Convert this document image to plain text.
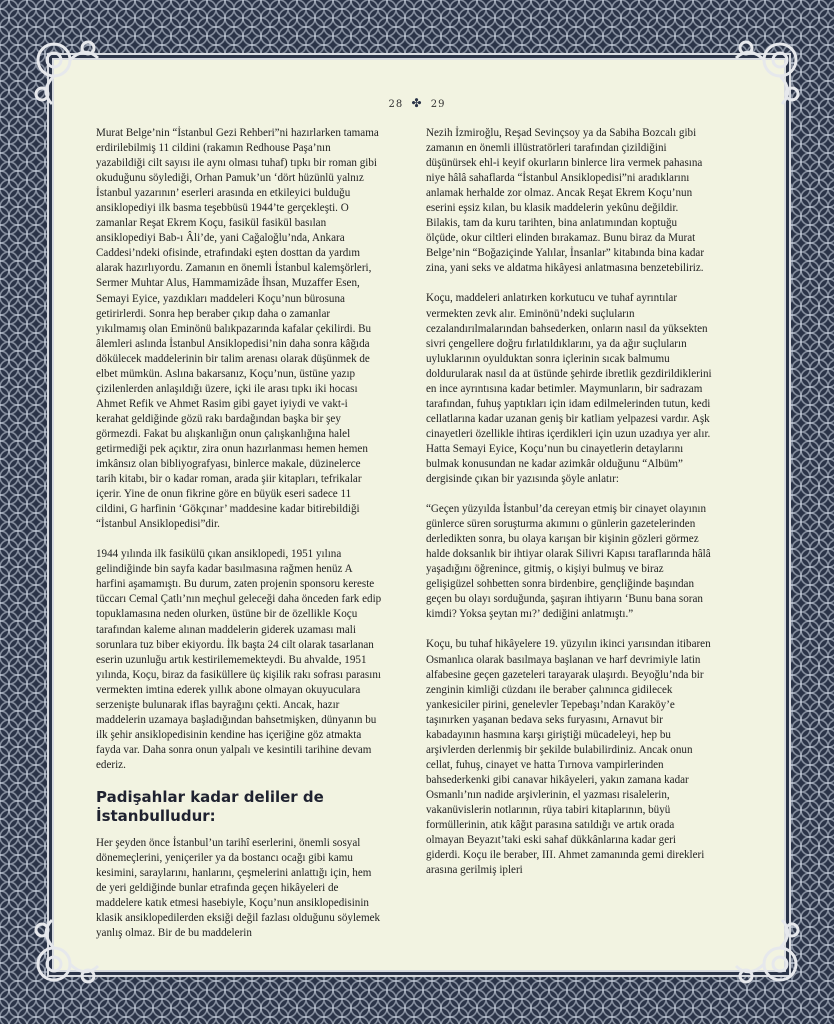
28 ✤ 29

Murat Belge’nin “İstanbul Gezi Rehberi”ni hazırlarken tamama erdirilebilmiş 11 cildini (rakamın Redhouse Paşa’nın yazabildiği cilt sayısı ile aynı olması tuhaf) tıpkı bir roman gibi okuduğunu söylediği, Orhan Pamuk’un ‘dört hüzünlü yalnız İstanbul yazarının’ eserleri arasında en etkileyici bulduğu ansiklopediyi ilk basma teşebbüsü 1944’te gerçekleşti. O zamanlar Reşat Ekrem Koçu, fasikül fasikül basılan ansiklopediyi Bab-ı Âli’de, yani Cağaloğlu’nda, Ankara Caddesi’ndeki ofisinde, etrafındaki eşten dosttan da yardım alarak hazırlıyordu. Zamanın en önemli İstanbul kalemşörleri, Sermer Muhtar Alus, Hammamizâde İhsan, Muzaffer Esen, Semayi Eyice, yazdıkları maddeleri Koçu’nun bürosuna getirirlerdi. Sonra hep beraber çıkıp daha o zamanlar yıkılmamış olan Eminönü balıkpazarında kafalar çekilirdi. Bu âlemleri aslında İstanbul Ansiklopedisi’nin daha sonra kâğıda dökülecek maddelerinin bir talim arenası olarak düşünmek de elbet mümkün. Aslına bakarsanız, Koçu’nun, üstüne yazıp çizilenlerden anlaşıldığı üzere, içki ile arası tıpkı iki hocası Ahmet Refik ve Ahmet Rasim gibi gayet iyiydi ve vakt-i kerahat geldiğinde gözü rakı bardağından başka bir şey görmezdi. Fakat bu alışkanlığın onun çalışkanlığına halel getirmediği pek açıktır, zira onun hazırlanması hemen hemen imkânsız olan bibliyografyası, binlerce makale, düzinelerce tarih kitabı, bir o kadar roman, arada şiir kitapları, tefrikalar içerir. Yine de onun fikrine göre en büyük eseri sadece 11 cildini, G harfinin ‘Gökçınar’ maddesine kadar bitirebildiği “İstanbul Ansiklopedisi”dir.

1944 yılında ilk fasikülü çıkan ansiklopedi, 1951 yılına gelindiğinde bin sayfa kadar basılmasına rağmen henüz A harfini aşamamıştı. Bu durum, zaten projenin sponsoru kereste tüccarı Cemal Çatlı’nın meçhul geleceği daha önceden fark edip topuklamasına neden olurken, üstüne bir de özellikle Koçu tarafından kaleme alınan maddelerin giderek uzaması mali sorunlara tuz biber ekiyordu. İlk başta 24 cilt olarak tasarlanan eserin uzunluğu artık kestirilememekteydi. Bu ahvalde, 1951 yılında, Koçu, biraz da fasiküllere üç kişilik rakı sofrası parasını vermekten imtina ederek yıllık abone olmayan okuyuculara serzenişte bulunarak iflas bayrağını çekti. Ancak, hazır maddelerin uzamaya başladığından bahsetmişken, dünyanın bu ilk şehir ansiklopedisinin kendine has içeriğine göz atmakta fayda var. Daha sonra onun yalpalı ve kesintili tarihine devam ederiz.

Padişahlar kadar deliler de İstanbulludur:

Her şeyden önce İstanbul’un tarihî eserlerini, önemli sosyal dönemeçlerini, yeniçeriler ya da bostancı ocağı gibi kamu kesimini, saraylarını, hanlarını, çeşmelerini anlattığı için, hem de yeri geldiğinde bunlar etrafında geçen hikâyeleri de maddelere katık etmesi hasebiyle, Koçu’nun ansiklopedisinin klasik ansiklopedilerden eksiği değil fazlası olduğunu söylemek yanlış olmaz. Bir de bu maddelerin

Nezih İzmiroğlu, Reşad Sevinçsoy ya da Sabiha Bozcalı gibi zamanın en önemli illüstratörleri tarafından çizildiğini düşünürsek ehl-i keyif okurların binlerce lira vermek pahasına niye hâlâ sahaflarda “İstanbul Ansiklopedisi”ni aradıklarını anlamak herhalde zor olmaz. Ancak Reşat Ekrem Koçu’nun eserini eşsiz kılan, bu klasik maddelerin yekûnu değildir. Bilakis, tam da kuru tarihten, bina anlatımından koptuğu ölçüde, okur ciltleri elinden bırakamaz. Bunu biraz da Murat Belge’nin “Boğaziçinde Yalılar, İnsanlar” kitabında bina kadar zina, yani seks ve aldatma hikâyesi anlatmasına benzetebiliriz.

Koçu, maddeleri anlatırken korkutucu ve tuhaf ayrıntılar vermekten zevk alır. Eminönü’ndeki suçluların cezalandırılmalarından bahsederken, onların nasıl da yüksekten sivri çengellere doğru fırlatıldıklarını, ya da ağır suçluların uyluklarının oyulduktan sonra içlerinin sıcak balmumu doldurularak nasıl da at üstünde şehirde ibretlik gezdirildiklerini en ince ayrıntısına kadar betimler. Maymunların, bir sadrazam tarafından, fuhuş yaptıkları için idam edilmelerinden tutun, kedi cellatlarına kadar uzanan geniş bir katliam yelpazesi vardır. Aşk cinayetleri özellikle ihtiras içerdikleri için uzun uzadıya yer alır. Hatta Semayi Eyice, Koçu’nun bu cinayetlerin detaylarını bulmak konusundan ne kadar azimkâr olduğunu “Albüm” dergisinde çıkan bir yazısında şöyle anlatır:

“Geçen yüzyılda İstanbul’da cereyan etmiş bir cinayet olayının günlerce süren soruşturma akımını o günlerin gazetelerinden derledikten sonra, bu olaya karışan bir kişinin gözleri görmez halde doksanlık bir ihtiyar olarak Silivri Kapısı taraflarında hâlâ yaşadığını öğrenince, gitmiş, o kişiyi bulmuş ve biraz gelişigüzel sohbetten sonra birdenbire, gençliğinde başından geçen bu olayı sorduğunda, şaşıran ihtiyarın ‘Bunu bana soran kimdi? Yoksa şeytan mı?’ dediğini anlatmıştı.”

Koçu, bu tuhaf hikâyelere 19. yüzyılın ikinci yarısından itibaren Osmanlıca olarak basılmaya başlanan ve harf devrimiyle latin alfabesine geçen gazeteleri tarayarak ulaşırdı. Beyoğlu’nda bir zenginin kimliği cüzdanı ile beraber çalınınca gidilecek yankesiciler pirini, genelevler Tepebaşı’ndan Karaköy’e taşınırken yaşanan bedava seks furyasını, Arnavut bir kabadayının hasmına karşı giriştiği mücadeleyi, hep bu arşivlerden derlenmiş bir şekilde bulabilirdiniz. Ancak onun cellat, fuhuş, cinayet ve hatta Tırnova vampirlerinden bahsederkenki gibi canavar hikâyeleri, yakın zamana kadar Osmanlı’nın nadide arşivlerinin, el yazması risalelerin, vakanüvislerin notlarının, rüya tabiri kitaplarının, büyü formüllerinin, atık kâğıt parasına satıldığı ve artık orada olmayan Beyazıt’taki eski sahaf dükkânlarına kadar geri giderdi. Koçu ile beraber, III. Ahmet zamanında gemi direkleri arasına gerilmiş ipleri
